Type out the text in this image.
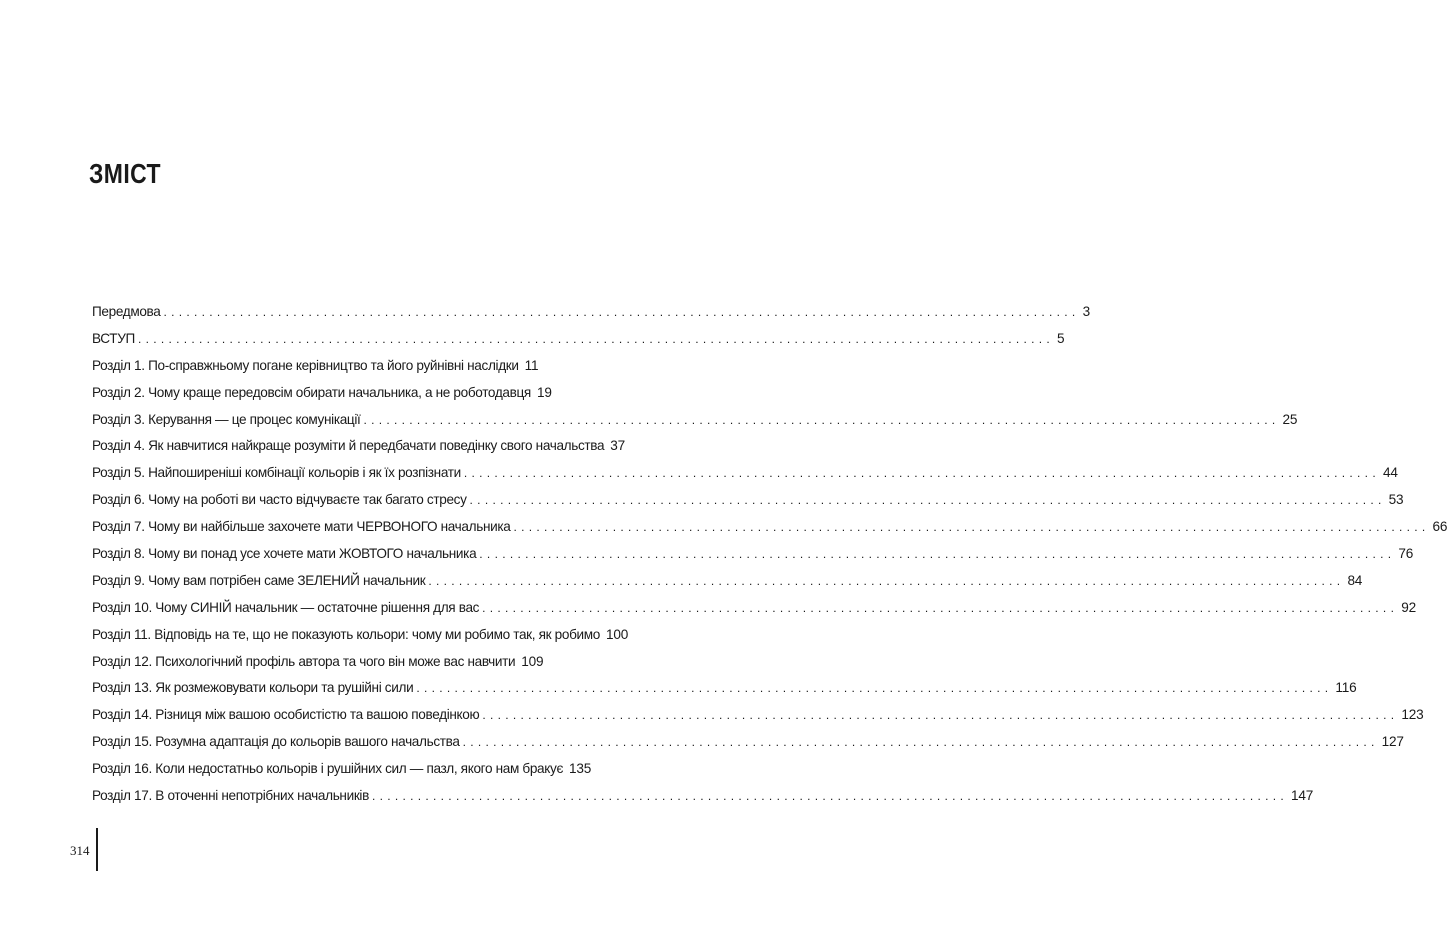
ЗМІСТ
Передмова ........................................................................................................................ 3
ВСТУП ........................................................................................................................ 5
Розділ 1. По-справжньому погане керівництво та його руйнівні наслідки 11
Розділ 2. Чому краще передовсім обирати начальника, а не роботодавця 19
Розділ 3. Керування — це процес комунікації ........................................................................................................................ 25
Розділ 4. Як навчитися найкраще розуміти й передбачати поведінку свого начальства 37
Розділ 5. Найпоширеніші комбінації кольорів і як їх розпізнати ........................................................................................................................ 44
Розділ 6. Чому на роботі ви часто відчуваєте так багато стресу ........................................................................................................................ 53
Розділ 7. Чому ви найбільше захочете мати ЧЕРВОНОГО начальника ........................................................................................................................ 66
Розділ 8. Чому ви понад усе хочете мати ЖОВТОГО начальника ........................................................................................................................ 76
Розділ 9. Чому вам потрібен саме ЗЕЛЕНИЙ начальник ........................................................................................................................ 84
Розділ 10. Чому СИНІЙ начальник — остаточне рішення для вас ........................................................................................................................ 92
Розділ 11. Відповідь на те, що не показують кольори: чому ми робимо так, як робимо 100
Розділ 12. Психологічний профіль автора та чого він може вас навчити 109
Розділ 13. Як розмежовувати кольори та рушійні сили ........................................................................................................................ 116
Розділ 14. Різниця між вашою особистістю та вашою поведінкою ........................................................................................................................ 123
Розділ 15. Розумна адаптація до кольорів вашого начальства ........................................................................................................................ 127
Розділ 16. Коли недостатньо кольорів і рушійних сил — пазл, якого нам бракує 135
Розділ 17. В оточенні непотрібних начальників ........................................................................................................................ 147
314
